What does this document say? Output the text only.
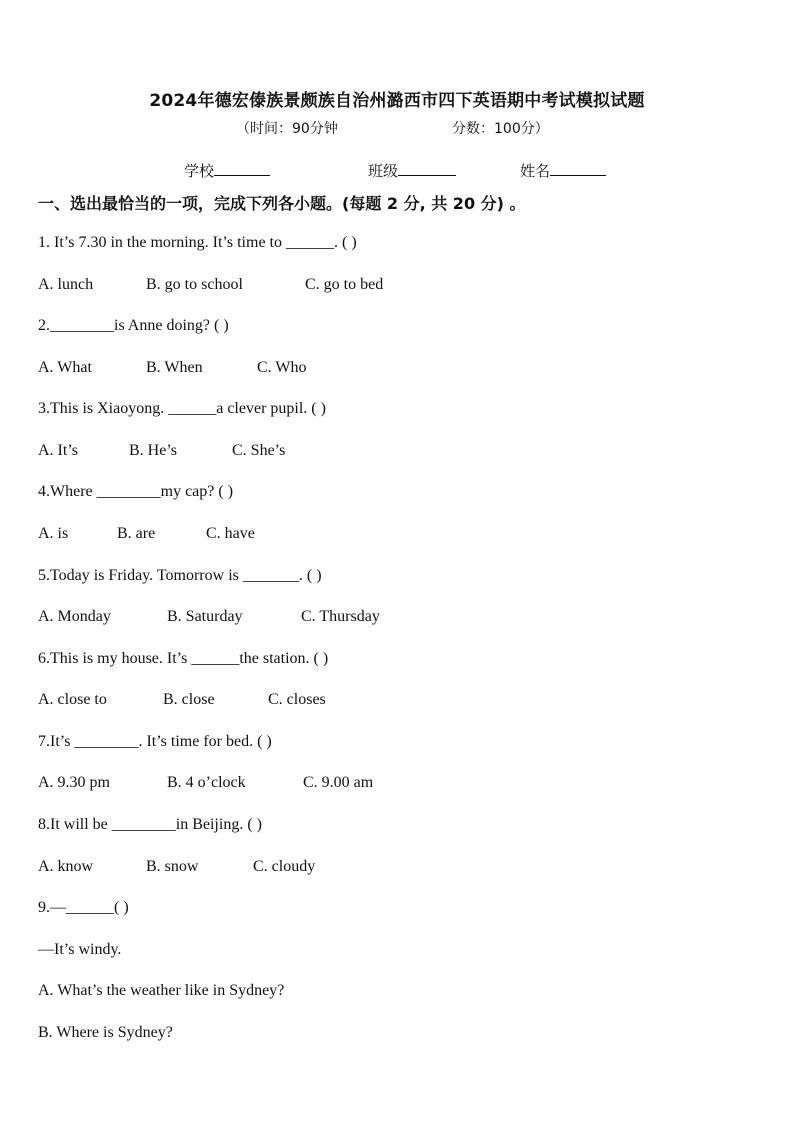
2024年德宏傣族景颇族自治州潞西市四下英语期中考试模拟试题
（时间：90分钟	分数：100分）
学校	班级	姓名
一、选出最恰当的一项，完成下列各小题。(每题 2 分, 共 20 分) 。
1. It’s 7.30 in the morning. It’s time to ______. ( )
A. lunch	B. go to school	C. go to bed
2.________is Anne doing? ( )
A. What	B. When	C. Who
3.This is Xiaoyong. ______a clever pupil. ( )
A. It’s	B. He’s	C. She’s
4.Where ________my cap? ( )
A. is	B. are	C. have
5.Today is Friday. Tomorrow is _______. ( )
A. Monday	B. Saturday	C. Thursday
6.This is my house. It’s ______the station. ( )
A. close to	B. close	C. closes
7.It’s ________. It’s time for bed. ( )
A. 9.30 pm	B. 4 o’clock	C. 9.00 am
8.It will be ________in Beijing. ( )
A. know	B. snow	C. cloudy
9.—______( )
—It’s windy.
A. What’s the weather like in Sydney?
B. Where is Sydney?
